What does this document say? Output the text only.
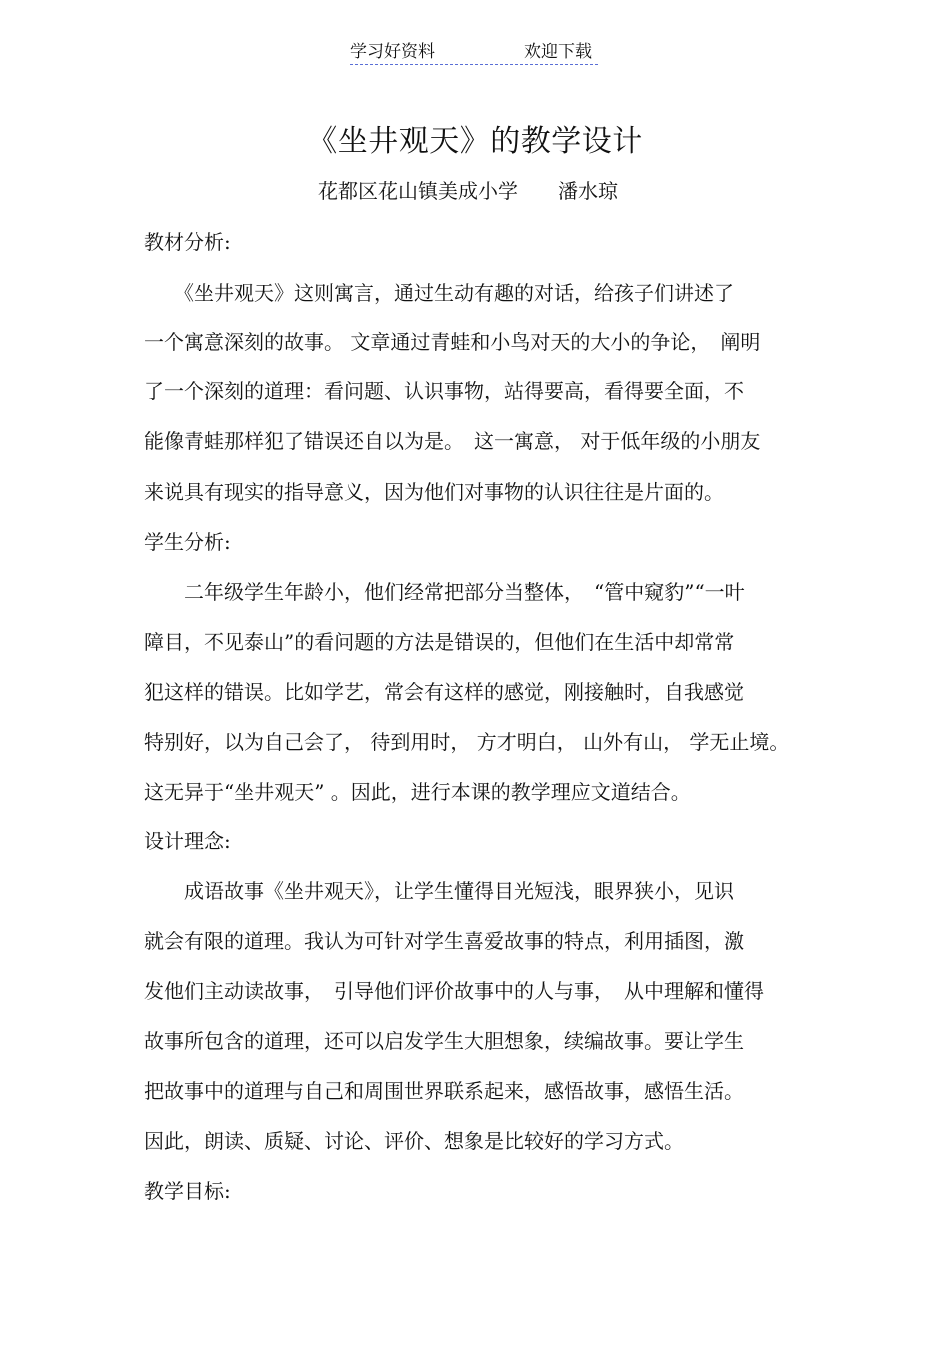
学习好资料	欢迎下载
《坐井观天》的教学设计
花都区花山镇美成小学　　潘水琼
教材分析:
　　《坐井观天》这则寓言，通过生动有趣的对话，给孩子们讲述了
一个寓意深刻的故事。 文章通过青蛙和小鸟对天的大小的争论，　阐明
了一个深刻的道理：看问题、认识事物，站得要高，看得要全面，不
能像青蛙那样犯了错误还自以为是。　这一寓意， 对于低年级的小朋友
来说具有现实的指导意义，因为他们对事物的认识往往是片面的。
学生分析:
　　二年级学生年龄小，他们经常把部分当整体，　“管中窥豹”“一叶
障目，不见泰山”的看问题的方法是错误的，但他们在生活中却常常
犯这样的错误。比如学艺，常会有这样的感觉，刚接触时，自我感觉
特别好，以为自己会了， 待到用时， 方才明白， 山外有山， 学无止境。
这无异于“坐井观天” 。因此，进行本课的教学理应文道结合。
设计理念:
　　成语故事《坐井观天》，让学生懂得目光短浅，眼界狭小，见识
就会有限的道理。我认为可针对学生喜爱故事的特点，利用插图，激
发他们主动读故事，　引导他们评价故事中的人与事，　从中理解和懂得
故事所包含的道理，还可以启发学生大胆想象，续编故事。要让学生
把故事中的道理与自己和周围世界联系起来，感悟故事，感悟生活。
因此，朗读、质疑、讨论、评价、想象是比较好的学习方式。
教学目标:
